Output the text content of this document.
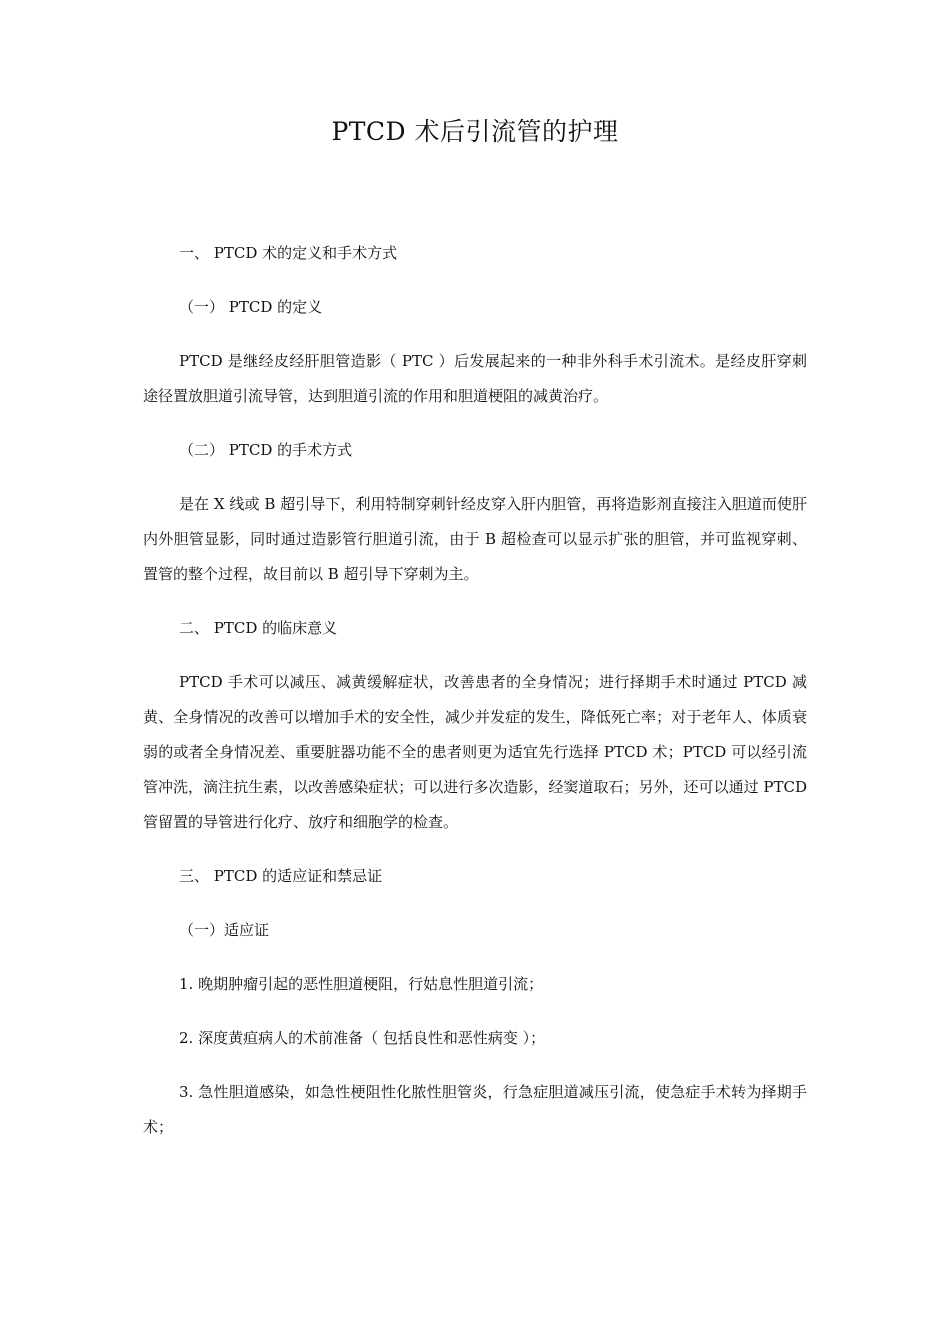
PTCD 术后引流管的护理

一、 PTCD 术的定义和手术方式

（一） PTCD 的定义

PTCD 是继经皮经肝胆管造影（ PTC ）后发展起来的一种非外科手术引流术。是经皮肝穿刺途径置放胆道引流导管，达到胆道引流的作用和胆道梗阻的减黄治疗。

（二） PTCD 的手术方式

是在 X 线或 B 超引导下，利用特制穿刺针经皮穿入肝内胆管，再将造影剂直接注入胆道而使肝内外胆管显影，同时通过造影管行胆道引流，由于 B 超检查可以显示扩张的胆管，并可监视穿刺、置管的整个过程，故目前以 B 超引导下穿刺为主。

二、 PTCD 的临床意义

PTCD 手术可以减压、减黄缓解症状，改善患者的全身情况；进行择期手术时通过 PTCD 减黄、全身情况的改善可以增加手术的安全性，减少并发症的发生，降低死亡率；对于老年人、体质衰弱的或者全身情况差、重要脏器功能不全的患者则更为适宜先行选择 PTCD 术；PTCD 可以经引流管冲洗，滴注抗生素，以改善感染症状；可以进行多次造影，经窦道取石；另外，还可以通过 PTCD 管留置的导管进行化疗、放疗和细胞学的检查。

三、 PTCD 的适应证和禁忌证

（一）适应证

1. 晚期肿瘤引起的恶性胆道梗阻，行姑息性胆道引流；

2. 深度黄疸病人的术前准备（ 包括良性和恶性病变 ）；

3. 急性胆道感染，如急性梗阻性化脓性胆管炎，行急症胆道减压引流，使急症手术转为择期手术；
